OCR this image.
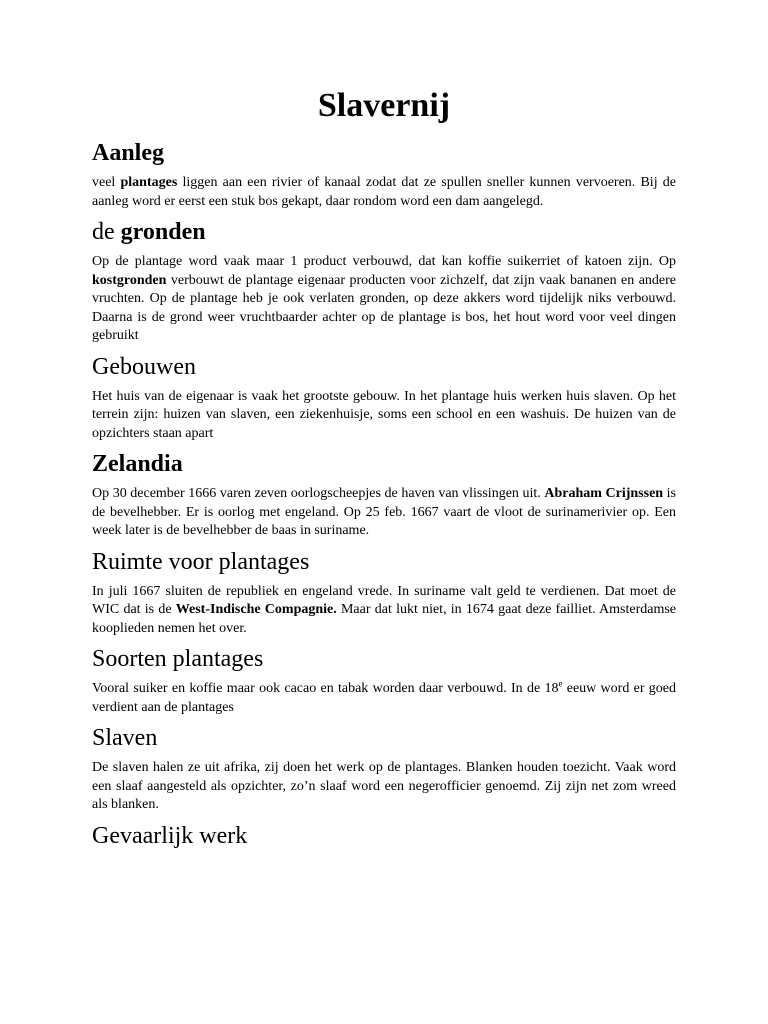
Slavernij
Aanleg

veel plantages liggen aan een rivier of kanaal zodat dat ze spullen sneller kunnen vervoeren. Bij de aanleg word er eerst een stuk bos gekapt, daar rondom word een dam aangelegd.

de gronden

Op de plantage word vaak maar 1 product verbouwd, dat kan koffie suikerriet of katoen zijn. Op kostgronden verbouwt de plantage eigenaar producten voor zichzelf, dat zijn vaak bananen en andere vruchten. Op de plantage heb je ook verlaten gronden, op deze akkers word tijdelijk niks verbouwd. Daarna is de grond weer vruchtbaarder achter op de plantage is bos, het hout word voor veel dingen gebruikt

Gebouwen

Het huis van de eigenaar is vaak het grootste gebouw. In het plantage huis werken huis slaven. Op het terrein zijn: huizen van slaven, een ziekenhuisje, soms een school en een washuis. De huizen van de opzichters staan apart

Zelandia

Op 30 december 1666 varen zeven oorlogscheepjes de haven van vlissingen uit. Abraham Crijnssen is de bevelhebber. Er is oorlog met engeland. Op 25 feb. 1667 vaart de vloot de surinamerivier op. Een week later is de bevelhebber de baas in suriname.

Ruimte voor plantages

In juli 1667 sluiten de republiek en engeland vrede. In suriname valt geld te verdienen. Dat moet de WIC dat is de West-Indische Compagnie. Maar dat lukt niet, in 1674 gaat deze failliet. Amsterdamse kooplieden nemen het over.

Soorten plantages

Vooral suiker en koffie maar ook cacao en tabak worden daar verbouwd. In de 18e eeuw word er goed verdient aan de plantages

Slaven

De slaven halen ze uit afrika, zij doen het werk op de plantages. Blanken houden toezicht. Vaak word een slaaf aangesteld als opzichter, zo’n slaaf word een negerofficier genoemd. Zij zijn net zom wreed als blanken.

Gevaarlijk werk
